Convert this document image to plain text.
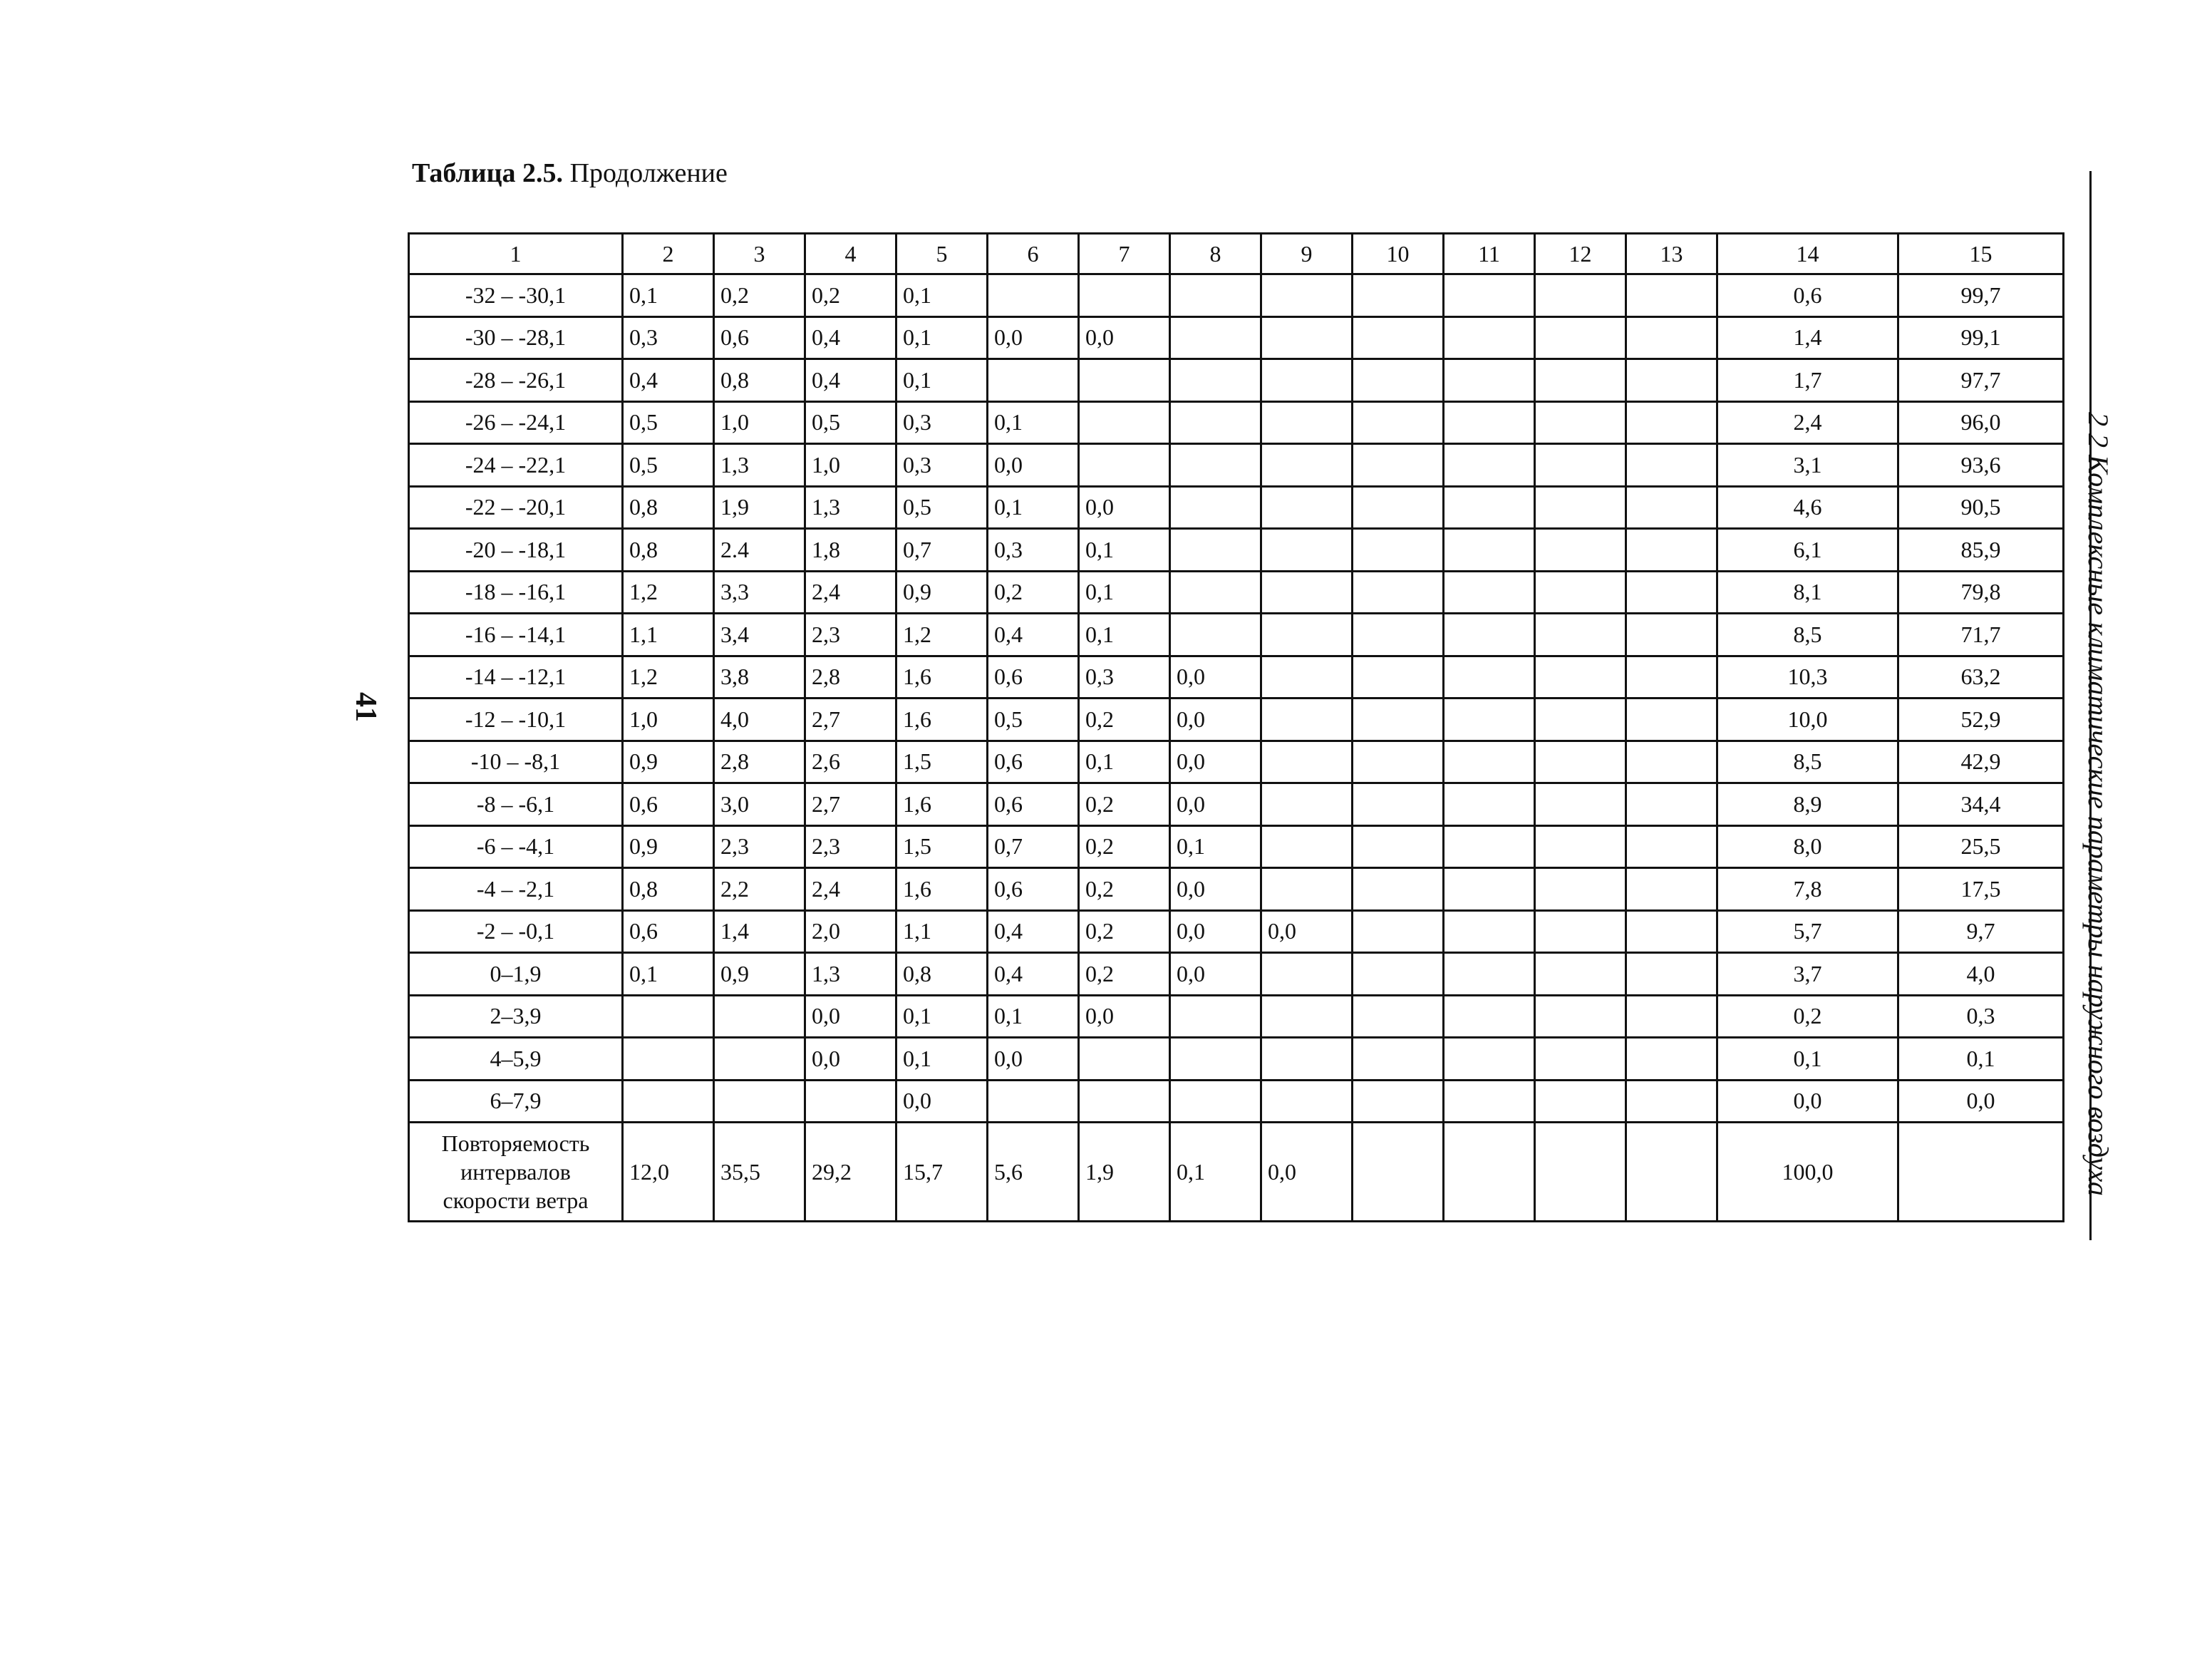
Таблица 2.5. Продолжение
41	2 2 Комплексные климатические параметры наружного воздуха
1	2	3	4	5	6	7	8	9	10	11	12	13	14	15
-32 – -30,1	0,1	0,2	0,2	0,1									0,6	99,7
-30 – -28,1	0,3	0,6	0,4	0,1	0,0	0,0							1,4	99,1
-28 – -26,1	0,4	0,8	0,4	0,1									1,7	97,7
-26 – -24,1	0,5	1,0	0,5	0,3	0,1								2,4	96,0
-24 – -22,1	0,5	1,3	1,0	0,3	0,0								3,1	93,6
-22 – -20,1	0,8	1,9	1,3	0,5	0,1	0,0							4,6	90,5
-20 – -18,1	0,8	2.4	1,8	0,7	0,3	0,1							6,1	85,9
-18 – -16,1	1,2	3,3	2,4	0,9	0,2	0,1							8,1	79,8
-16 – -14,1	1,1	3,4	2,3	1,2	0,4	0,1							8,5	71,7
-14 – -12,1	1,2	3,8	2,8	1,6	0,6	0,3	0,0						10,3	63,2
-12 – -10,1	1,0	4,0	2,7	1,6	0,5	0,2	0,0						10,0	52,9
-10 – -8,1	0,9	2,8	2,6	1,5	0,6	0,1	0,0						8,5	42,9
-8 – -6,1	0,6	3,0	2,7	1,6	0,6	0,2	0,0						8,9	34,4
-6 – -4,1	0,9	2,3	2,3	1,5	0,7	0,2	0,1						8,0	25,5
-4 – -2,1	0,8	2,2	2,4	1,6	0,6	0,2	0,0						7,8	17,5
-2 – -0,1	0,6	1,4	2,0	1,1	0,4	0,2	0,0	0,0					5,7	9,7
0–1,9	0,1	0,9	1,3	0,8	0,4	0,2	0,0						3,7	4,0
2–3,9			0,0	0,1	0,1	0,0							0,2	0,3
4–5,9			0,0	0,1	0,0								0,1	0,1
6–7,9				0,0									0,0	0,0
Повторяемость интервалов скорости ветра	12,0	35,5	29,2	15,7	5,6	1,9	0,1	0,0					100,0	
